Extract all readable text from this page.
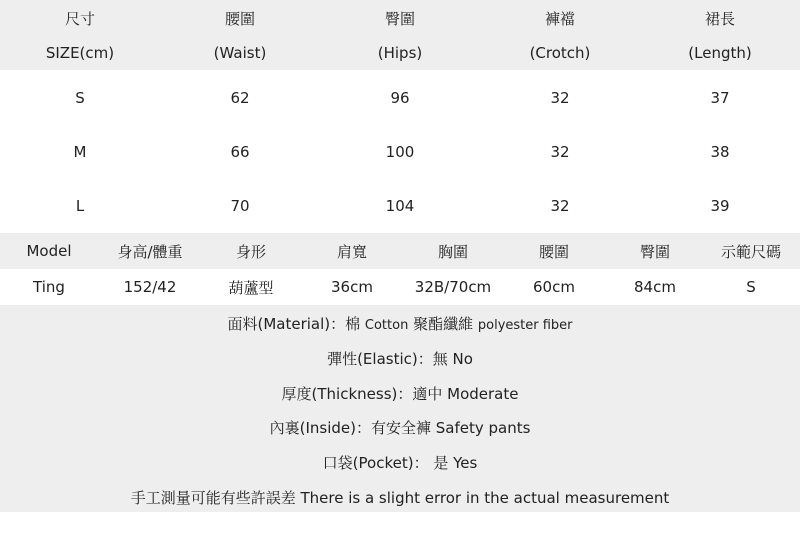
尺寸	腰圍	臀圍	褲襠	裙長
SIZE(cm)	(Waist)	(Hips)	(Crotch)	(Length)
S	62	96	32	37
M	66	100	32	38
L	70	104	32	39
Model	身高/體重	身形	肩寬	胸圍	腰圍	臀圍	示範尺碼
Ting	152/42	葫蘆型	36cm	32B/70cm	60cm	84cm	S
面料(Material)：棉 Cotton 聚酯纖維 polyester fiber
彈性(Elastic)：無 No
厚度(Thickness)：適中 Moderate
內裏(Inside)：有安全褲 Safety pants
口袋(Pocket)： 是 Yes
手工測量可能有些許誤差 There is a slight error in the actual measurement
